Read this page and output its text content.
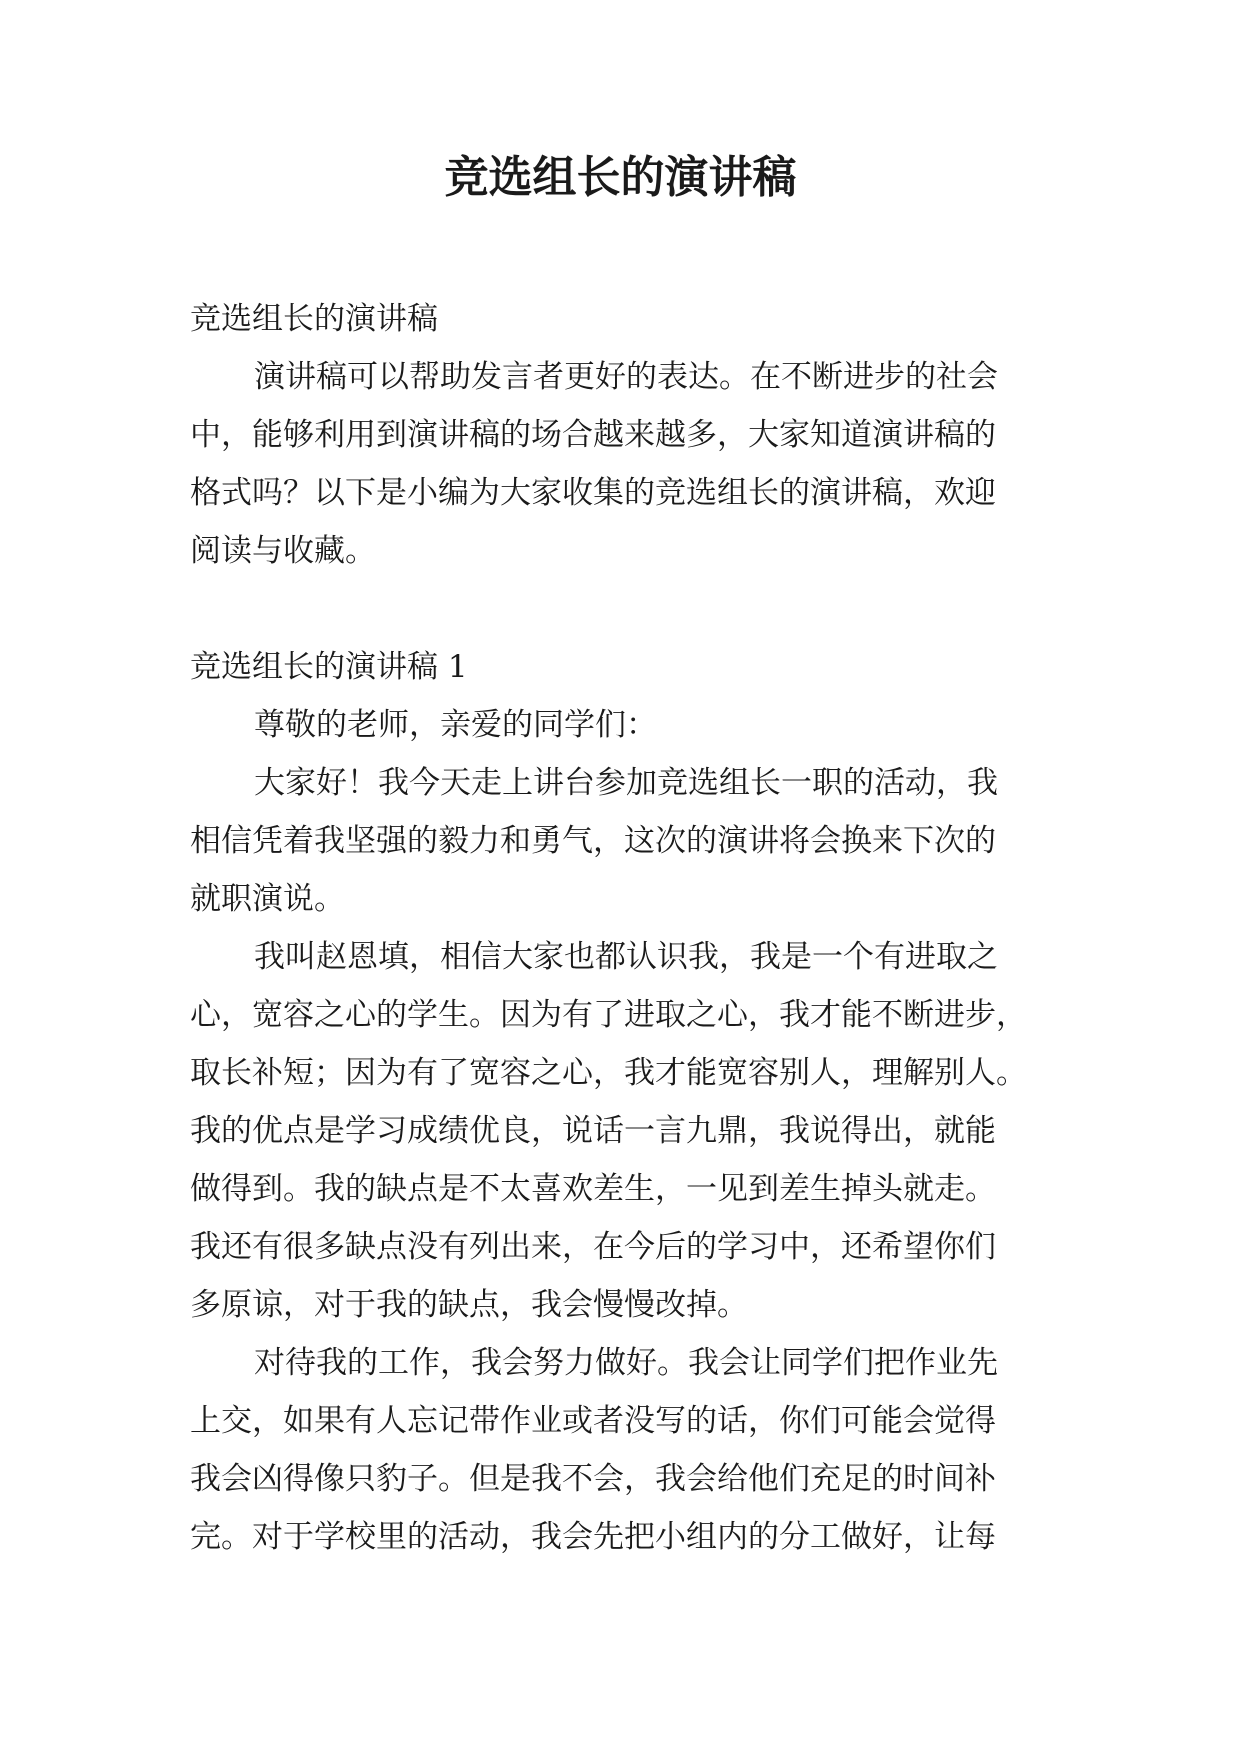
竞选组长的演讲稿

竞选组长的演讲稿

演讲稿可以帮助发言者更好的表达。在不断进步的社会

中，能够利用到演讲稿的场合越来越多，大家知道演讲稿的

格式吗？以下是小编为大家收集的竞选组长的演讲稿，欢迎

阅读与收藏。

竞选组长的演讲稿 1

尊敬的老师，亲爱的同学们：

大家好！我今天走上讲台参加竞选组长一职的活动，我

相信凭着我坚强的毅力和勇气，这次的演讲将会换来下次的

就职演说。

我叫赵恩填，相信大家也都认识我，我是一个有进取之

心，宽容之心的学生。因为有了进取之心，我才能不断进步，

取长补短；因为有了宽容之心，我才能宽容别人，理解别人。

我的优点是学习成绩优良，说话一言九鼎，我说得出，就能

做得到。我的缺点是不太喜欢差生，一见到差生掉头就走。

我还有很多缺点没有列出来，在今后的学习中，还希望你们

多原谅，对于我的缺点，我会慢慢改掉。

对待我的工作，我会努力做好。我会让同学们把作业先

上交，如果有人忘记带作业或者没写的话，你们可能会觉得

我会凶得像只豹子。但是我不会，我会给他们充足的时间补

完。对于学校里的活动，我会先把小组内的分工做好，让每
